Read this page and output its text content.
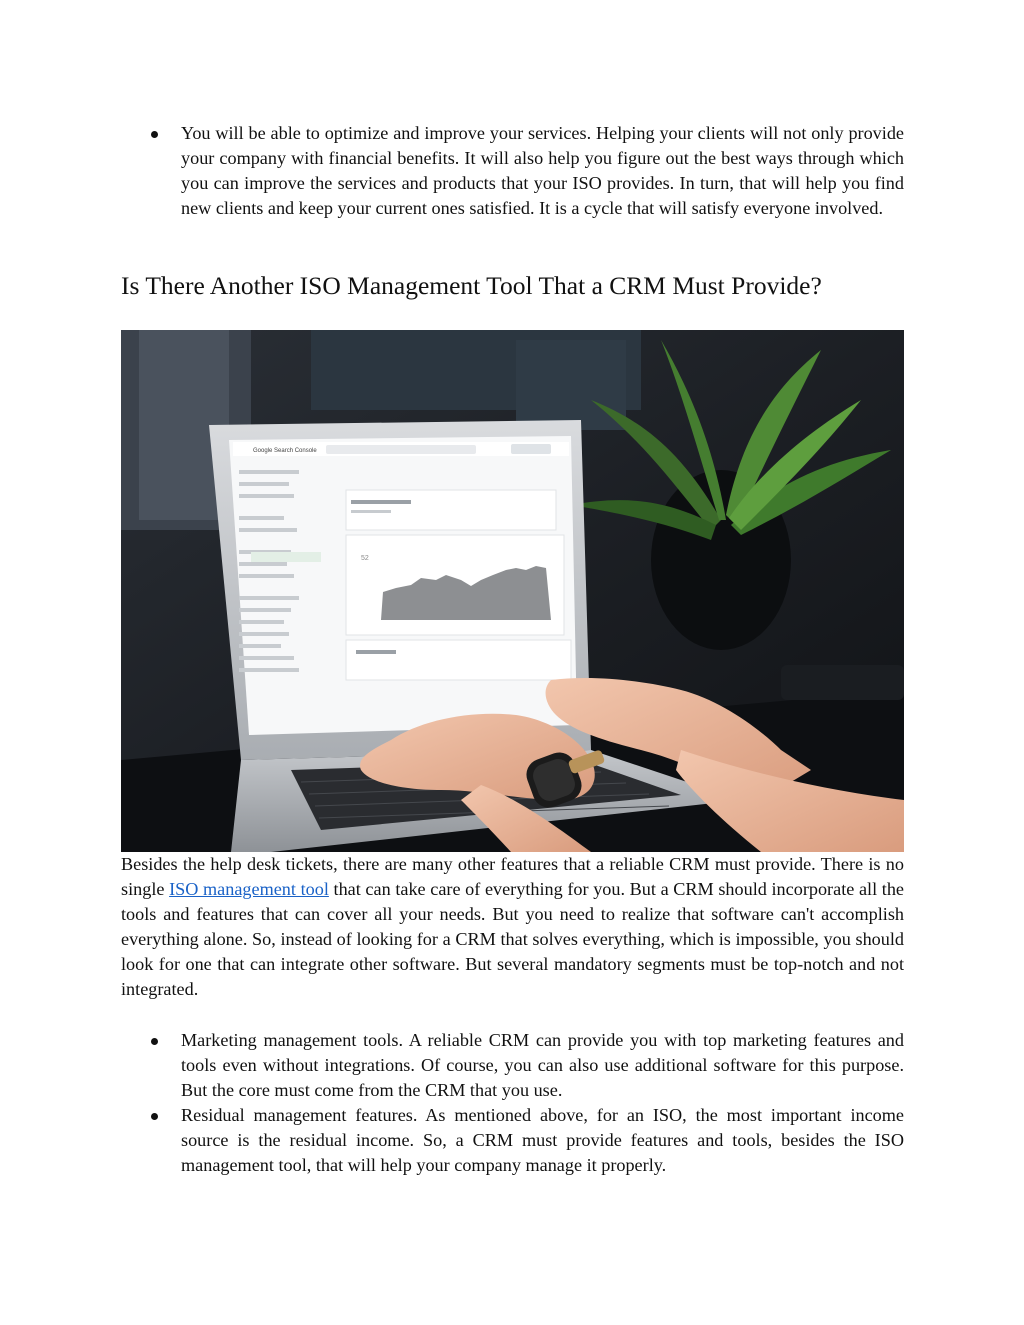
You will be able to optimize and improve your services. Helping your clients will not only provide your company with financial benefits. It will also help you figure out the best ways through which you can improve the services and products that your ISO provides. In turn, that will help you find new clients and keep your current ones satisfied. It is a cycle that will satisfy everyone involved.
Is There Another ISO Management Tool That a CRM Must Provide?
Google Search Console
52

Besides the help desk tickets, there are many other features that a reliable CRM must provide. There is no single ISO management tool that can take care of everything for you. But a CRM should incorporate all the tools and features that can cover all your needs. But you need to realize that software can't accomplish everything alone. So, instead of looking for a CRM that solves everything, which is impossible, you should look for one that can integrate other software. But several mandatory segments must be top-notch and not integrated.

Marketing management tools. A reliable CRM can provide you with top marketing features and tools even without integrations. Of course, you can also use additional software for this purpose. But the core must come from the CRM that you use.
Residual management features. As mentioned above, for an ISO, the most important income source is the residual income. So, a CRM must provide features and tools, besides the ISO management tool, that will help your company manage it properly.
